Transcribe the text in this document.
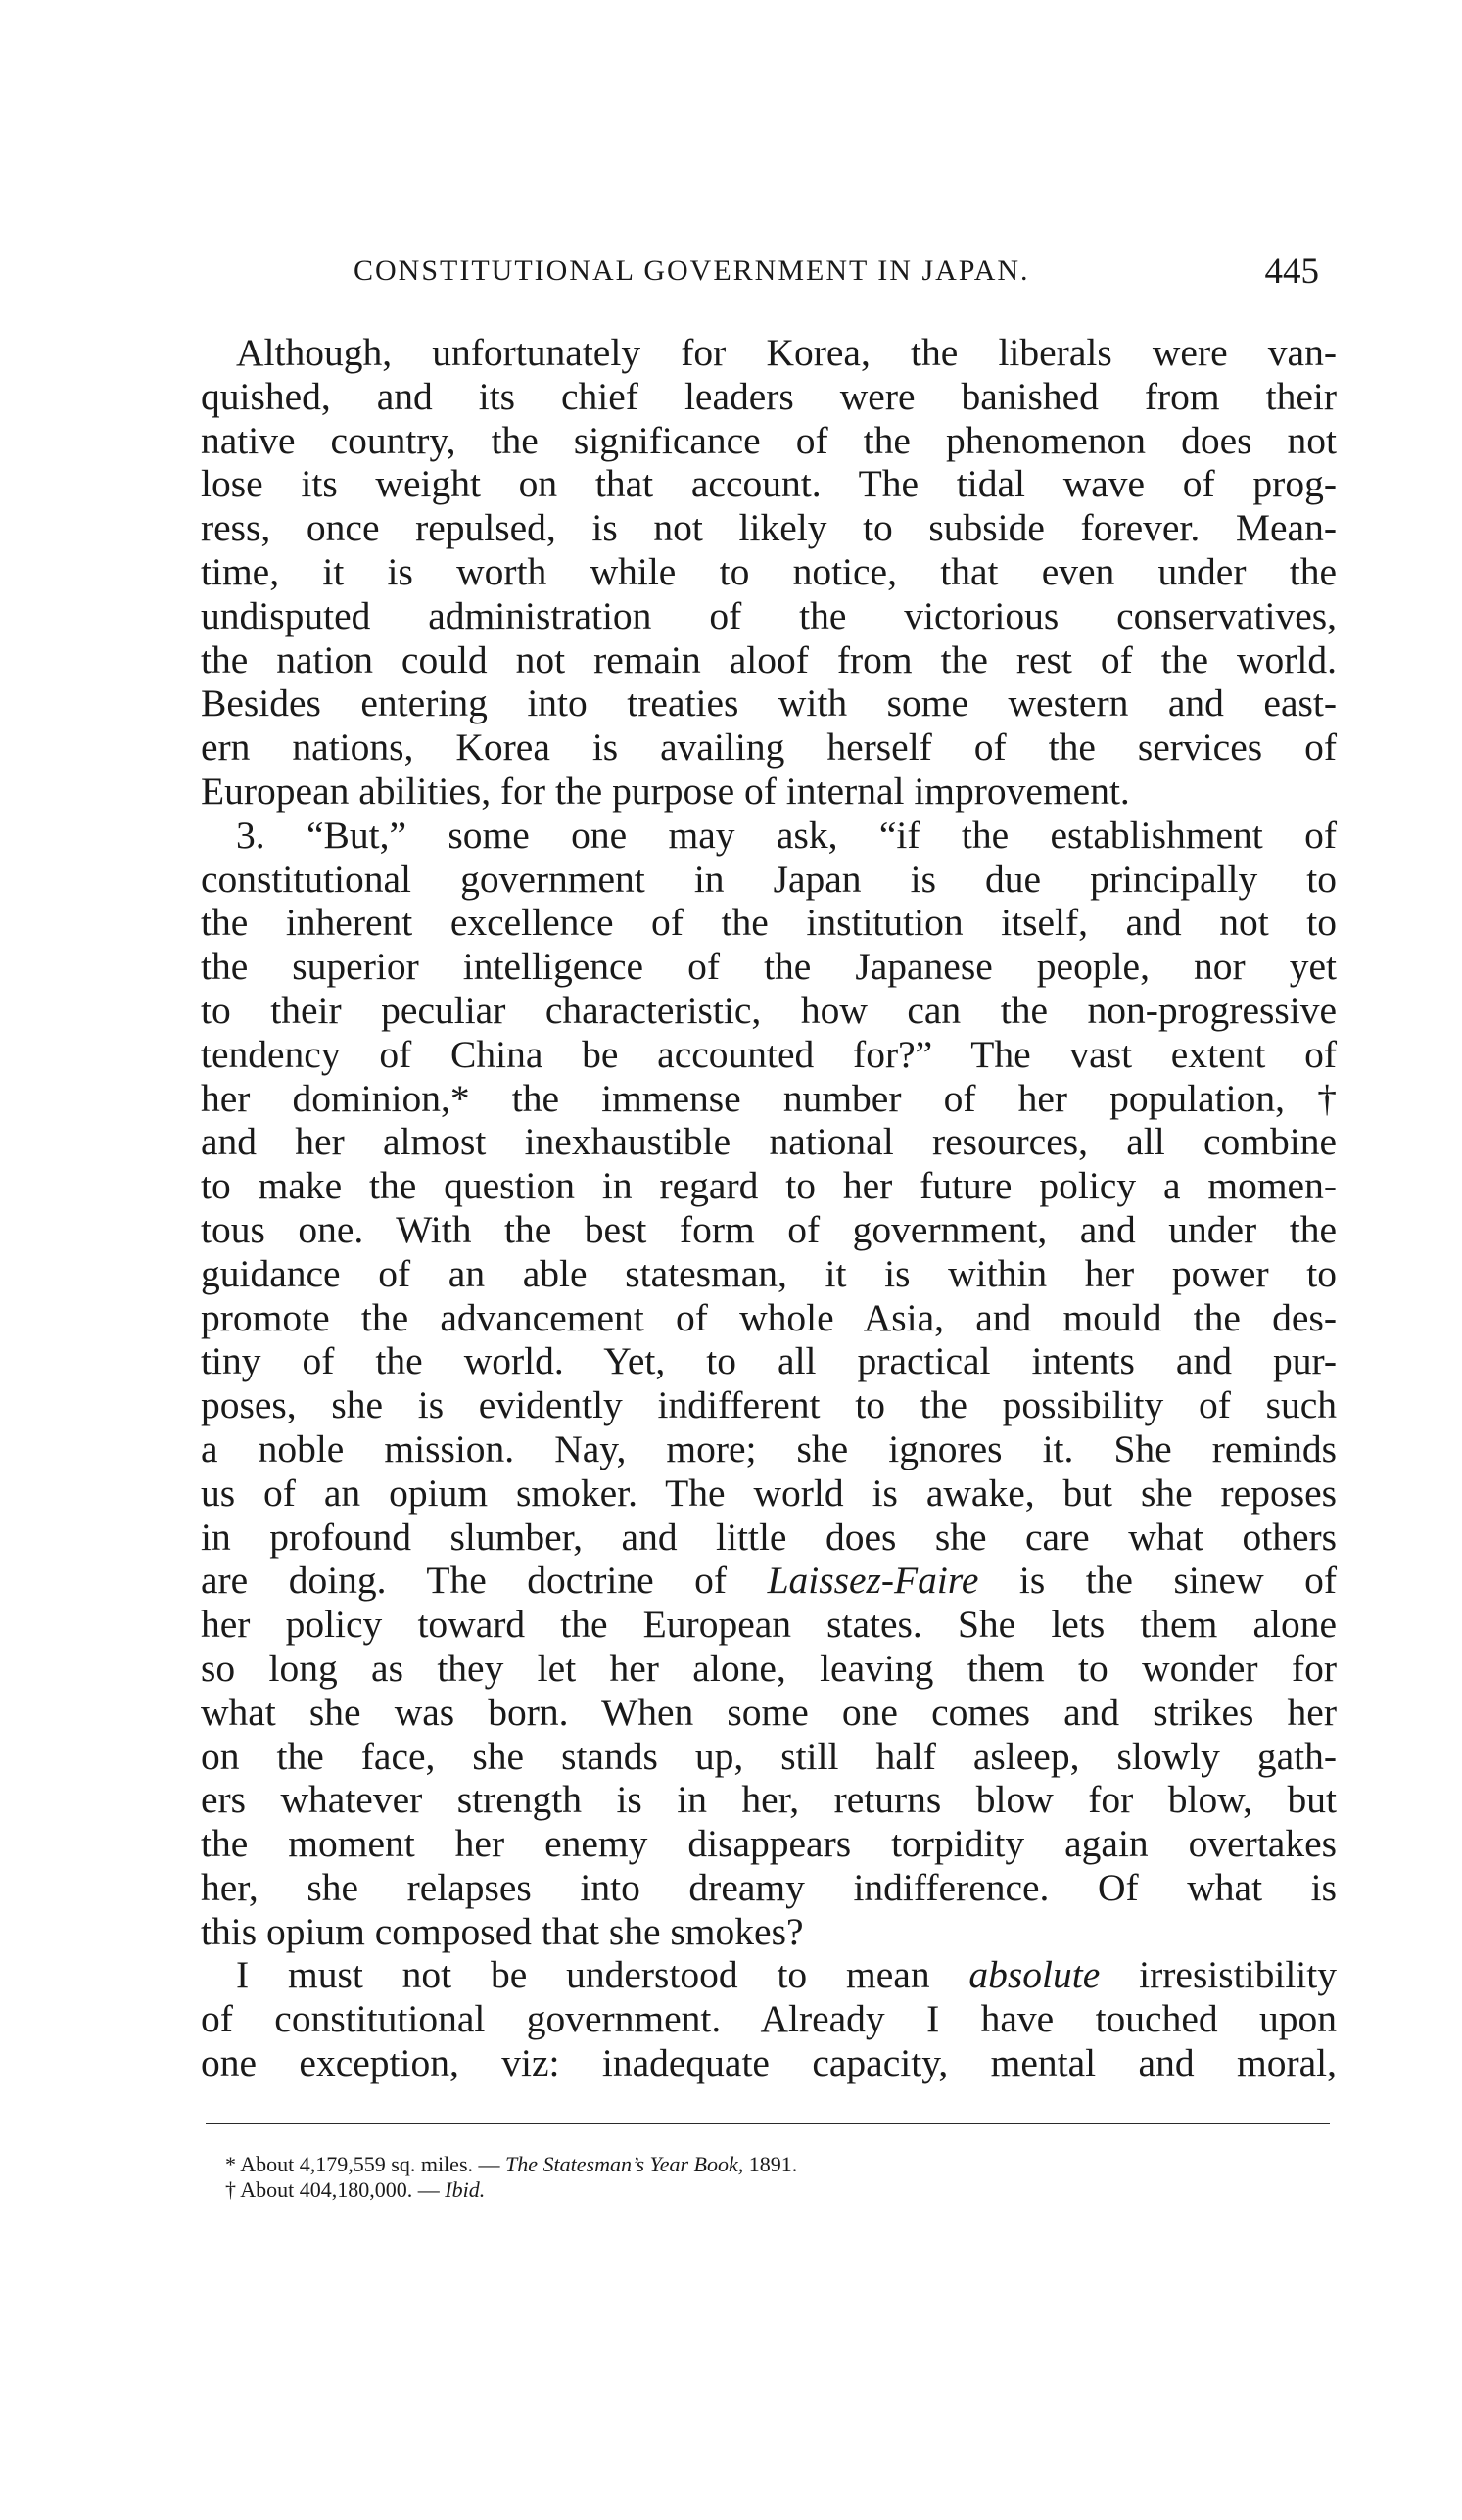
CONSTITUTIONAL GOVERNMENT IN JAPAN.	445
Although, unfortunately for Korea, the liberals were van-
quished, and its chief leaders were banished from their
native country, the significance of the phenomenon does not
lose its weight on that account. The tidal wave of prog-
ress, once repulsed, is not likely to subside forever. Mean-
time, it is worth while to notice, that even under the
undisputed administration of the victorious conservatives,
the nation could not remain aloof from the rest of the world.
Besides entering into treaties with some western and east-
ern nations, Korea is availing herself of the services of
European abilities, for the purpose of internal improvement.
3. “But,” some one may ask, “if the establishment of
constitutional government in Japan is due principally to
the inherent excellence of the institution itself, and not to
the superior intelligence of the Japanese people, nor yet
to their peculiar characteristic, how can the non-progressive
tendency of China be accounted for?” The vast extent of
her dominion,* the immense number of her population,†
and her almost inexhaustible national resources, all combine
to make the question in regard to her future policy a momen-
tous one. With the best form of government, and under the
guidance of an able statesman, it is within her power to
promote the advancement of whole Asia, and mould the des-
tiny of the world. Yet, to all practical intents and pur-
poses, she is evidently indifferent to the possibility of such
a noble mission. Nay, more; she ignores it. She reminds
us of an opium smoker. The world is awake, but she reposes
in profound slumber, and little does she care what others
are doing. The doctrine of Laissez-Faire is the sinew of
her policy toward the European states. She lets them alone
so long as they let her alone, leaving them to wonder for
what she was born. When some one comes and strikes her
on the face, she stands up, still half asleep, slowly gath-
ers whatever strength is in her, returns blow for blow, but
the moment her enemy disappears torpidity again overtakes
her, she relapses into dreamy indifference. Of what is
this opium composed that she smokes?
I must not be understood to mean absolute irresistibility
of constitutional government. Already I have touched upon
one exception, viz: inadequate capacity, mental and moral,
* About 4,179,559 sq. miles. — The Statesman’s Year Book, 1891.
† About 404,180,000. — Ibid.
